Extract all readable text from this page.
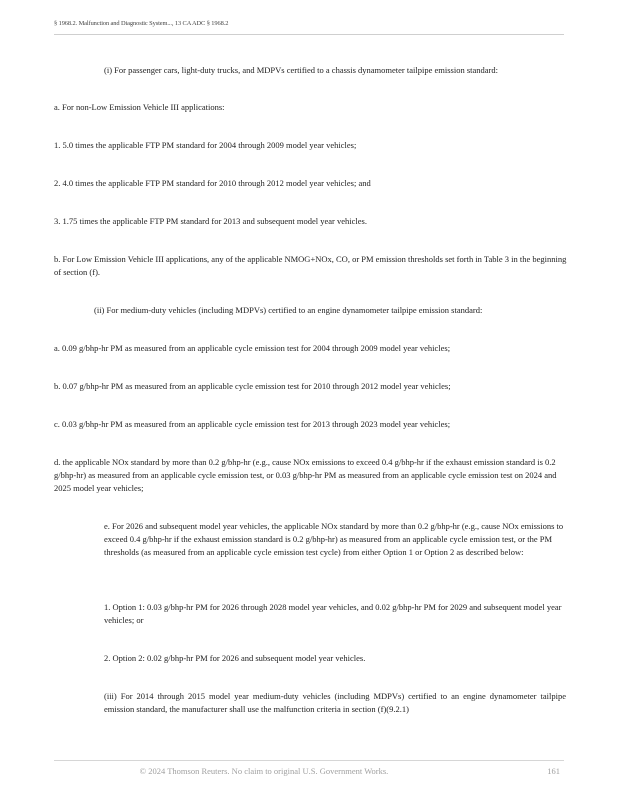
§ 1968.2. Malfunction and Diagnostic System..., 13 CA ADC § 1968.2

(i) For passenger cars, light-duty trucks, and MDPVs certified to a chassis dynamometer tailpipe emission standard:

a. For non-Low Emission Vehicle III applications:

1. 5.0 times the applicable FTP PM standard for 2004 through 2009 model year vehicles;

2. 4.0 times the applicable FTP PM standard for 2010 through 2012 model year vehicles; and

3. 1.75 times the applicable FTP PM standard for 2013 and subsequent model year vehicles.

b. For Low Emission Vehicle III applications, any of the applicable NMOG+NOx, CO, or PM emission thresholds set forth in Table 3 in the beginning of section (f).

(ii) For medium-duty vehicles (including MDPVs) certified to an engine dynamometer tailpipe emission standard:

a. 0.09 g/bhp-hr PM as measured from an applicable cycle emission test for 2004 through 2009 model year vehicles;

b. 0.07 g/bhp-hr PM as measured from an applicable cycle emission test for 2010 through 2012 model year vehicles;

c. 0.03 g/bhp-hr PM as measured from an applicable cycle emission test for 2013 through 2023 model year vehicles;

d. the applicable NOx standard by more than 0.2 g/bhp-hr (e.g., cause NOx emissions to exceed 0.4 g/bhp-hr if the exhaust emission standard is 0.2 g/bhp-hr) as measured from an applicable cycle emission test, or 0.03 g/bhp-hr PM as measured from an applicable cycle emission test on 2024 and 2025 model year vehicles;

e. For 2026 and subsequent model year vehicles, the applicable NOx standard by more than 0.2 g/bhp-hr (e.g., cause NOx emissions to exceed 0.4 g/bhp-hr if the exhaust emission standard is 0.2 g/bhp-hr) as measured from an applicable cycle emission test, or the PM thresholds (as measured from an applicable cycle emission test cycle) from either Option 1 or Option 2 as described below:

1. Option 1: 0.03 g/bhp-hr PM for 2026 through 2028 model year vehicles, and 0.02 g/bhp-hr PM for 2029 and subsequent model year vehicles; or

2. Option 2: 0.02 g/bhp-hr PM for 2026 and subsequent model year vehicles.

(iii) For 2014 through 2015 model year medium-duty vehicles (including MDPVs) certified to an engine dynamometer tailpipe emission standard, the manufacturer shall use the malfunction criteria in section (f)(9.2.1)

© 2024 Thomson Reuters. No claim to original U.S. Government Works.	161
